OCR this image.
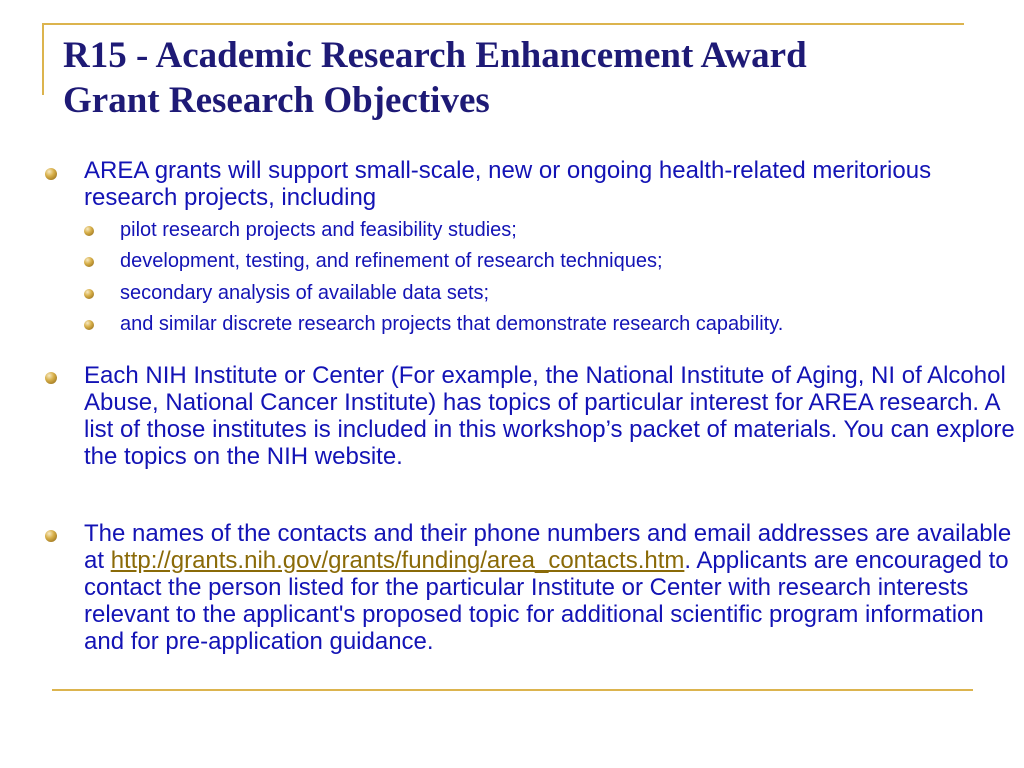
R15 - Academic Research Enhancement Award
Grant Research Objectives

AREA grants will support small-scale, new or ongoing health-related meritorious research projects, including

pilot research projects and feasibility studies;
development, testing, and refinement of research techniques;
secondary analysis of available data sets;
and similar discrete research projects that demonstrate research capability.

Each NIH Institute or Center (For example, the National Institute of Aging, NI of Alcohol Abuse, National Cancer Institute) has topics of particular interest for AREA research. A list of those institutes is included in this workshop’s packet of materials. You can explore the topics on the NIH website.

The names of the contacts and their phone numbers and email addresses are available at http://grants.nih.gov/grants/funding/area_contacts.htm. Applicants are encouraged to contact the person listed for the particular Institute or Center with research interests relevant to the applicant's proposed topic for additional scientific program information and for pre-application guidance.
